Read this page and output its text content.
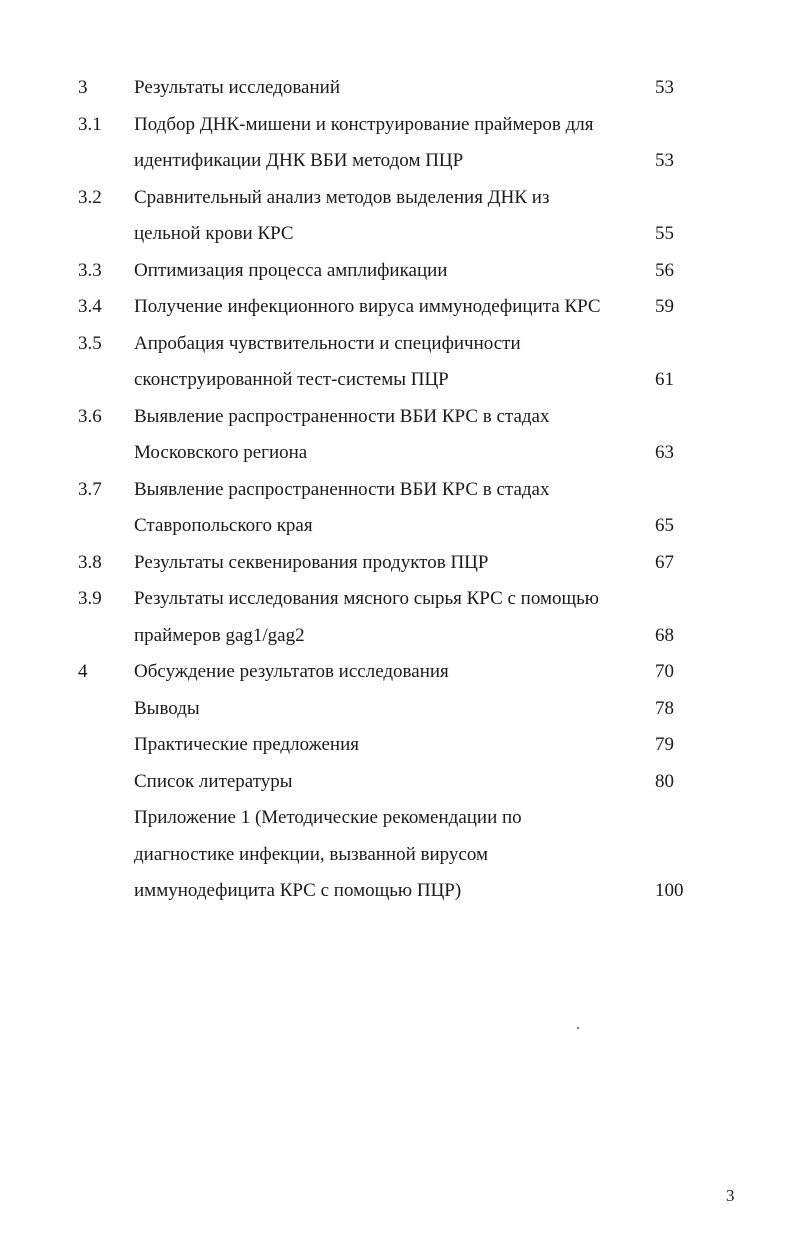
3 Результаты исследований	53
3.1 Подбор ДНК-мишени и конструирование праймеров для
идентификации ДНК ВБИ методом ПЦР	53
3.2 Сравнительный анализ методов выделения ДНК из
цельной крови КРС	55
3.3 Оптимизация процесса амплификации	56
3.4 Получение инфекционного вируса иммунодефицита КРС	59
3.5 Апробация чувствительности и специфичности
сконструированной тест-системы ПЦР	61
3.6 Выявление распространенности ВБИ КРС в стадах
Московского региона	63
3.7 Выявление распространенности ВБИ КРС в стадах
Ставропольского края	65
3.8 Результаты секвенирования продуктов ПЦР	67
3.9 Результаты исследования мясного сырья КРС с помощью
праймеров gag1/gag2	68
4 Обсуждение результатов исследования	70
Выводы	78
Практические предложения	79
Список литературы	80
Приложение 1 (Методические рекомендации по
диагностике инфекции, вызванной вирусом
иммунодефицита КРС с помощью ПЦР)	100
3
